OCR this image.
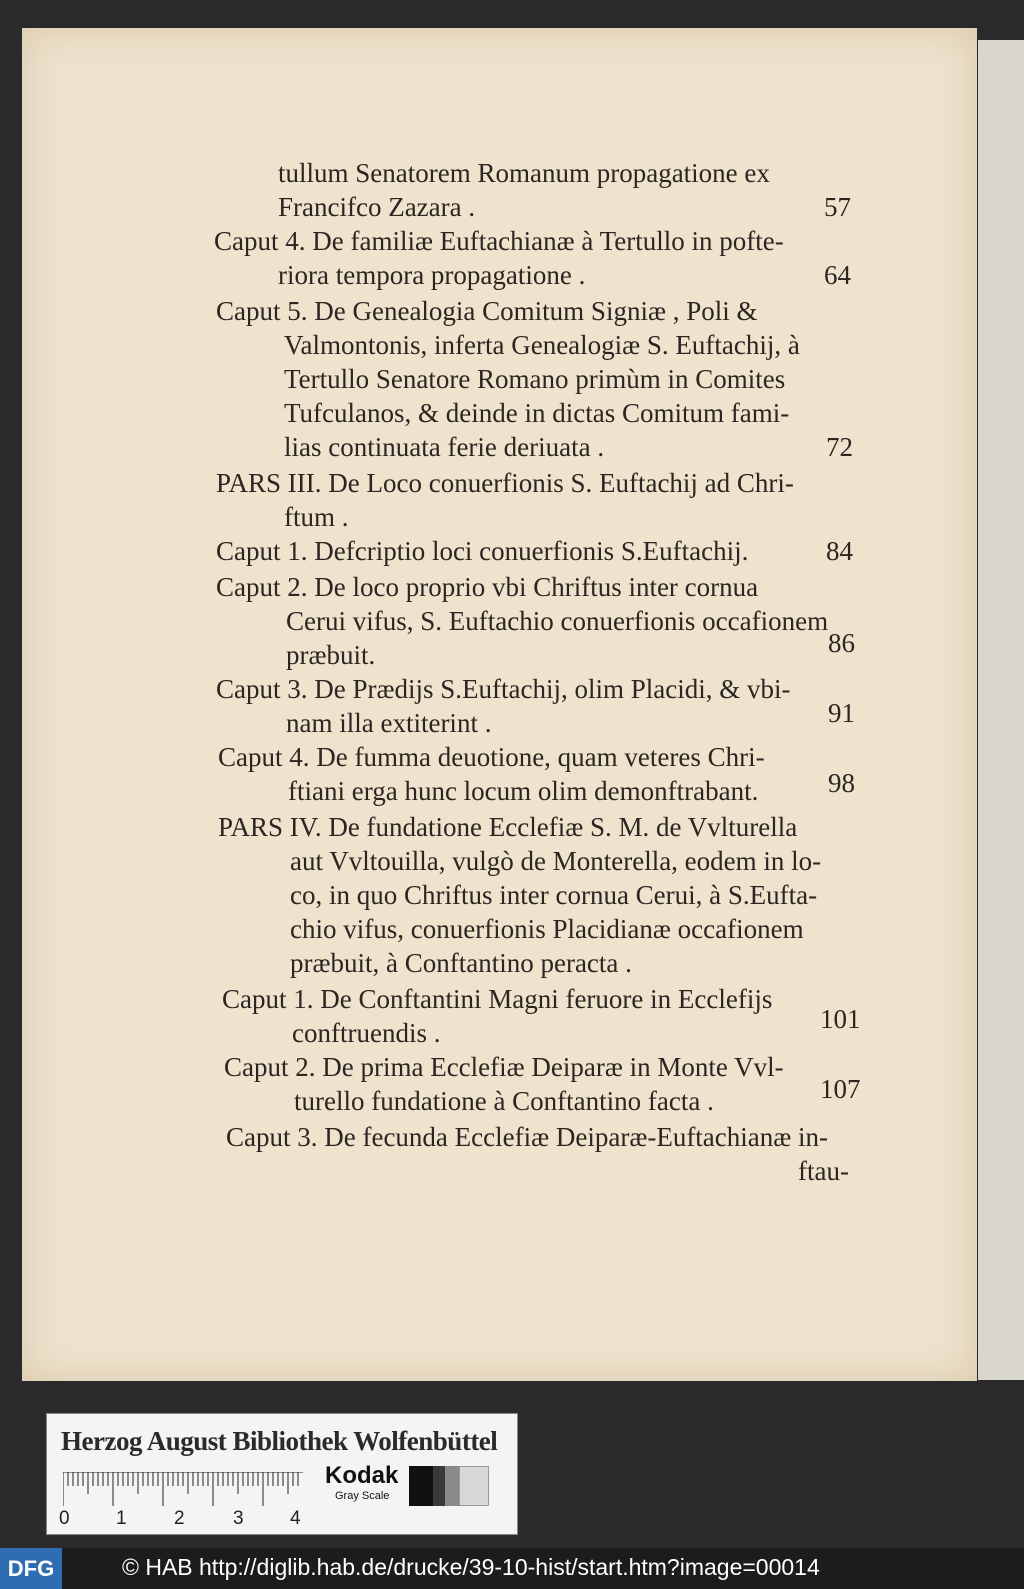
tullum Senatorem Romanum propagatione ex
Francifco Zazara .
Caput 4. De familiæ Euftachianæ à Tertullo in pofte-
riora tempora propagatione .
Caput 5. De Genealogia Comitum Signiæ , Poli &
Valmontonis, inferta Genealogiæ S. Euftachij, à
Tertullo Senatore Romano primùm in Comites
Tufculanos, & deinde in dictas Comitum fami-
lias continuata ferie deriuata .
PARS III. De Loco conuerfionis S. Euftachij ad Chri-
ftum .
Caput 1. Defcriptio loci conuerfionis S.Euftachij.
Caput 2. De loco proprio vbi Chriftus inter cornua
Cerui vifus, S. Euftachio conuerfionis occafionem
præbuit.
Caput 3. De Prædijs S.Euftachij, olim Placidi, & vbi-
nam illa extiterint .
Caput 4. De fumma deuotione, quam veteres Chri-
ftiani erga hunc locum olim demonftrabant.
PARS IV. De fundatione Ecclefiæ S. M. de Vvlturella
aut Vvltouilla, vulgò de Monterella, eodem in lo-
co, in quo Chriftus inter cornua Cerui, à S.Eufta-
chio vifus, conuerfionis Placidianæ occafionem
præbuit, à Conftantino peracta .
Caput 1. De Conftantini Magni feruore in Ecclefijs
conftruendis .
Caput 2. De prima Ecclefiæ Deiparæ in Monte Vvl-
turello fundatione à Conftantino facta .
Caput 3. De fecunda Ecclefiæ Deiparæ-Euftachianæ in-
ftau-
57
64
72
84
86
91
98
101
107
Herzog August Bibliothek Wolfenbüttel
0 1 2	3 4
Kodak
Gray Scale
DFG	© HAB http://diglib.hab.de/drucke/39-10-hist/start.htm?image=00014
